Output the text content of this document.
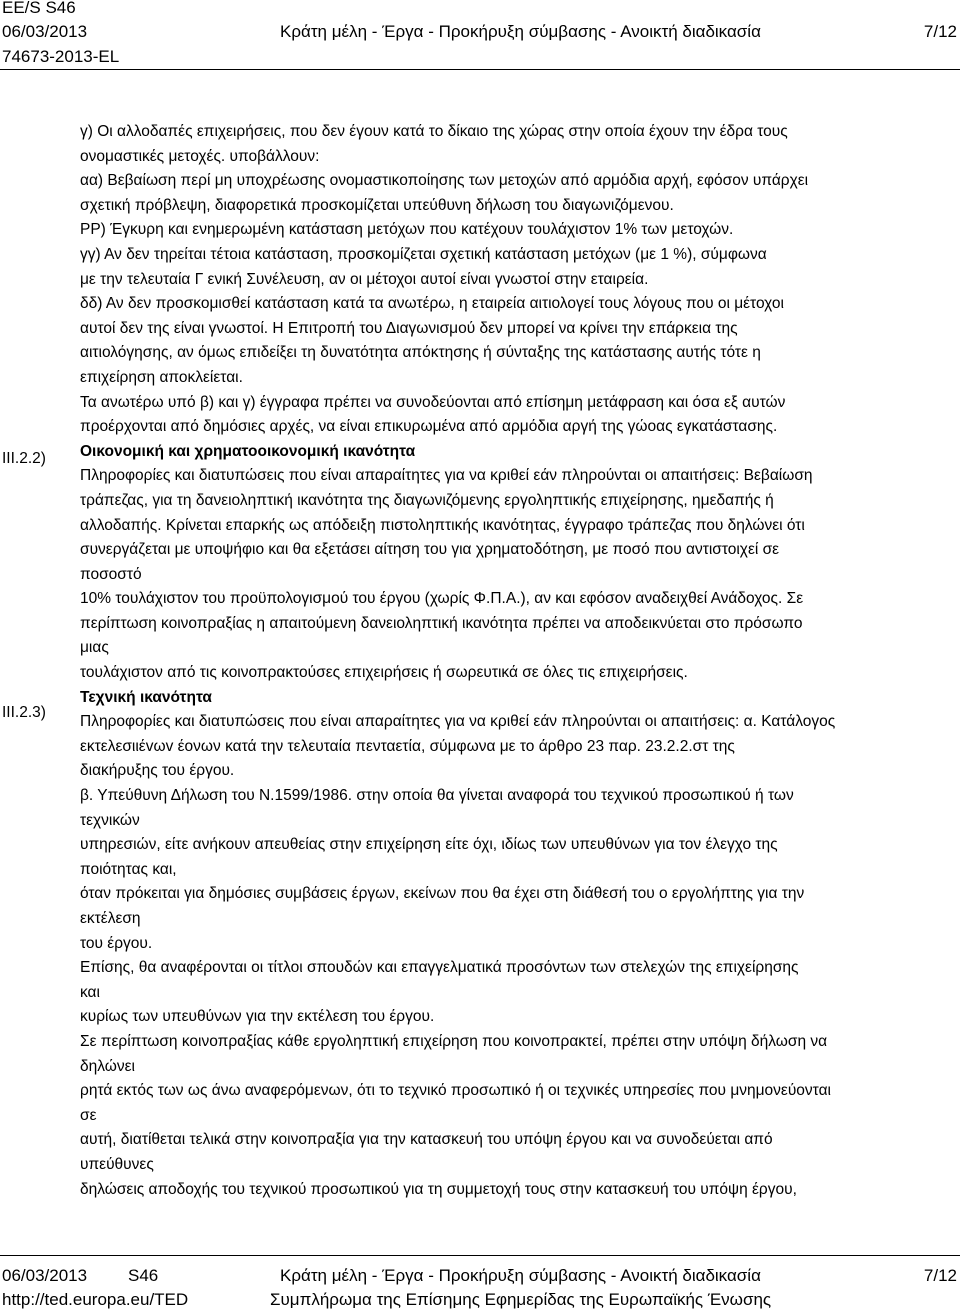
EE/S S46
06/03/2013	Κράτη μέλη - Έργα - Προκήρυξη σύμβασης - Ανοικτή διαδικασία	7/12
74673-2013-EL
III.2.2)
III.2.3)

γ) Οι αλλοδαπές επιχειρήσεις, που δεν έγουν κατά το δίκαιο της χώρας στην οποία έχουν την έδρα τους

ονομαστικές μετοχές. υποβάλλουν:

αα) Βεβαίωση περί μη υποχρέωσης ονομαστικοποίησης των μετοχών από αρμόδια αρχή, εφόσον υπάρχει

σχετική πρόβλεψη, διαφορετικά προσκομίζεται υπεύθυνη δήλωση του διαγωνιζόμενου.

ΡΡ) Έγκυρη και ενημερωμένη κατάσταση μετόχων που κατέχουν τουλάχιστον 1% των μετοχών.

γγ) Αν δεν τηρείται τέτοια κατάσταση, προσκομίζεται σχετική κατάσταση μετόχων (με 1 %), σύμφωνα

με την τελευταία Γ ενική Συνέλευση, αν οι μέτοχοι αυτοί είναι γνωστοί στην εταιρεία.

δδ) Αν δεν προσκομισθεί κατάσταση κατά τα ανωτέρω, η εταιρεία αιτιολογεί τους λόγους που οι μέτοχοι

αυτοί δεν της είναι γνωστοί. Η Επιτροπή του Διαγωνισμού δεν μπορεί να κρίνει την επάρκεια της

αιτιολόγησης, αν όμως επιδείξει τη δυνατότητα απόκτησης ή σύνταξης της κατάστασης αυτής τότε η

επιχείρηση αποκλείεται.

Τα ανωτέρω υπό β) και γ) έγγραφα πρέπει να συνοδεύονται από επίσημη μετάφραση και όσα εξ αυτών

προέρχονται από δημόσιες αρχές, να είναι επικυρωμένα από αρμόδια αργή της γώοας εγκατάστασης.

Οικονομική και χρηματοοικονομική ικανότητα

Πληροφορίες και διατυπώσεις που είναι απαραίτητες για να κριθεί εάν πληρούνται οι απαιτήσεις: Βεβαίωση

τράπεζας, για τη δανειοληπτική ικανότητα της διαγωνιζόμενης εργοληπτικής επιχείρησης, ημεδαπής ή

αλλοδαπής. Κρίνεται επαρκής ως απόδειξη πιστοληπτικής ικανότητας, έγγραφο τράπεζας που δηλώνει ότι

συνεργάζεται με υποψήφιο και θα εξετάσει αίτηση του για χρηματοδότηση, με ποσό που αντιστοιχεί σε

ποσοστό

10% τουλάχιστον του προϋπολογισμού του έργου (χωρίς Φ.Π.Α.), αν και εφόσον αναδειχθεί Ανάδοχος. Σε

περίπτωση κοινοπραξίας η απαιτούμενη δανειοληπτική ικανότητα πρέπει να αποδεικνύεται στο πρόσωπο

μιας

τουλάχιστον από τις κοινοπρακτούσες επιχειρήσεις ή σωρευτικά σε όλες τις επιχειρήσεις.

Τεχνική ικανότητα

Πληροφορίες και διατυπώσεις που είναι απαραίτητες για να κριθεί εάν πληρούνται οι απαιτήσεις: α. Κατάλογος

εκτελεσιιέvωv έονων κατά την τελευταία πενταετία, σύμφωνα με το άρθρο 23 παρ. 23.2.2.στ της

διακήρυξης του έργου.

β. Υπεύθυνη Δήλωση του Ν.1599/1986. στην οποία θα γίνεται αναφορά του τεχνικού προσωπικού ή των

τεχνικών

υπηρεσιών, είτε ανήκουν απευθείας στην επιχείρηση είτε όχι, ιδίως των υπευθύνων για τον έλεγχο της

ποιότητας και,

όταν πρόκειται για δημόσιες συμβάσεις έργων, εκείνων που θα έχει στη διάθεσή του ο εργολήπτης για την

εκτέλεση

του έργου.

Επίσης, θα αναφέρονται οι τίτλοι σπουδών και επαγγελματικά προσόντων των στελεχών της επιχείρησης

και

κυρίως των υπευθύνων για την εκτέλεση του έργου.

Σε περίπτωση κοινοπραξίας κάθε εργοληπτική επιχείρηση που κοινοπρακτεί, πρέπει στην υπόψη δήλωση να

δηλώνει

ρητά εκτός των ως άνω αναφερόμενων, ότι το τεχνικό προσωπικό ή οι τεχνικές υπηρεσίες που μνημονεύονται

σε

αυτή, διατίθεται τελικά στην κοινοπραξία για την κατασκευή του υπόψη έργου και να συνοδεύεται από

υπεύθυνες

δηλώσεις αποδοχής του τεχνικού προσωπικού για τη συμμετοχή τους στην κατασκευή του υπόψη έργου,

06/03/2013 S46	Κράτη μέλη - Έργα - Προκήρυξη σύμβασης - Ανοικτή διαδικασία	7/12
http://ted.europa.eu/TED	Συμπλήρωμα της Επίσημης Εφημερίδας της Ευρωπαϊκής Ένωσης
